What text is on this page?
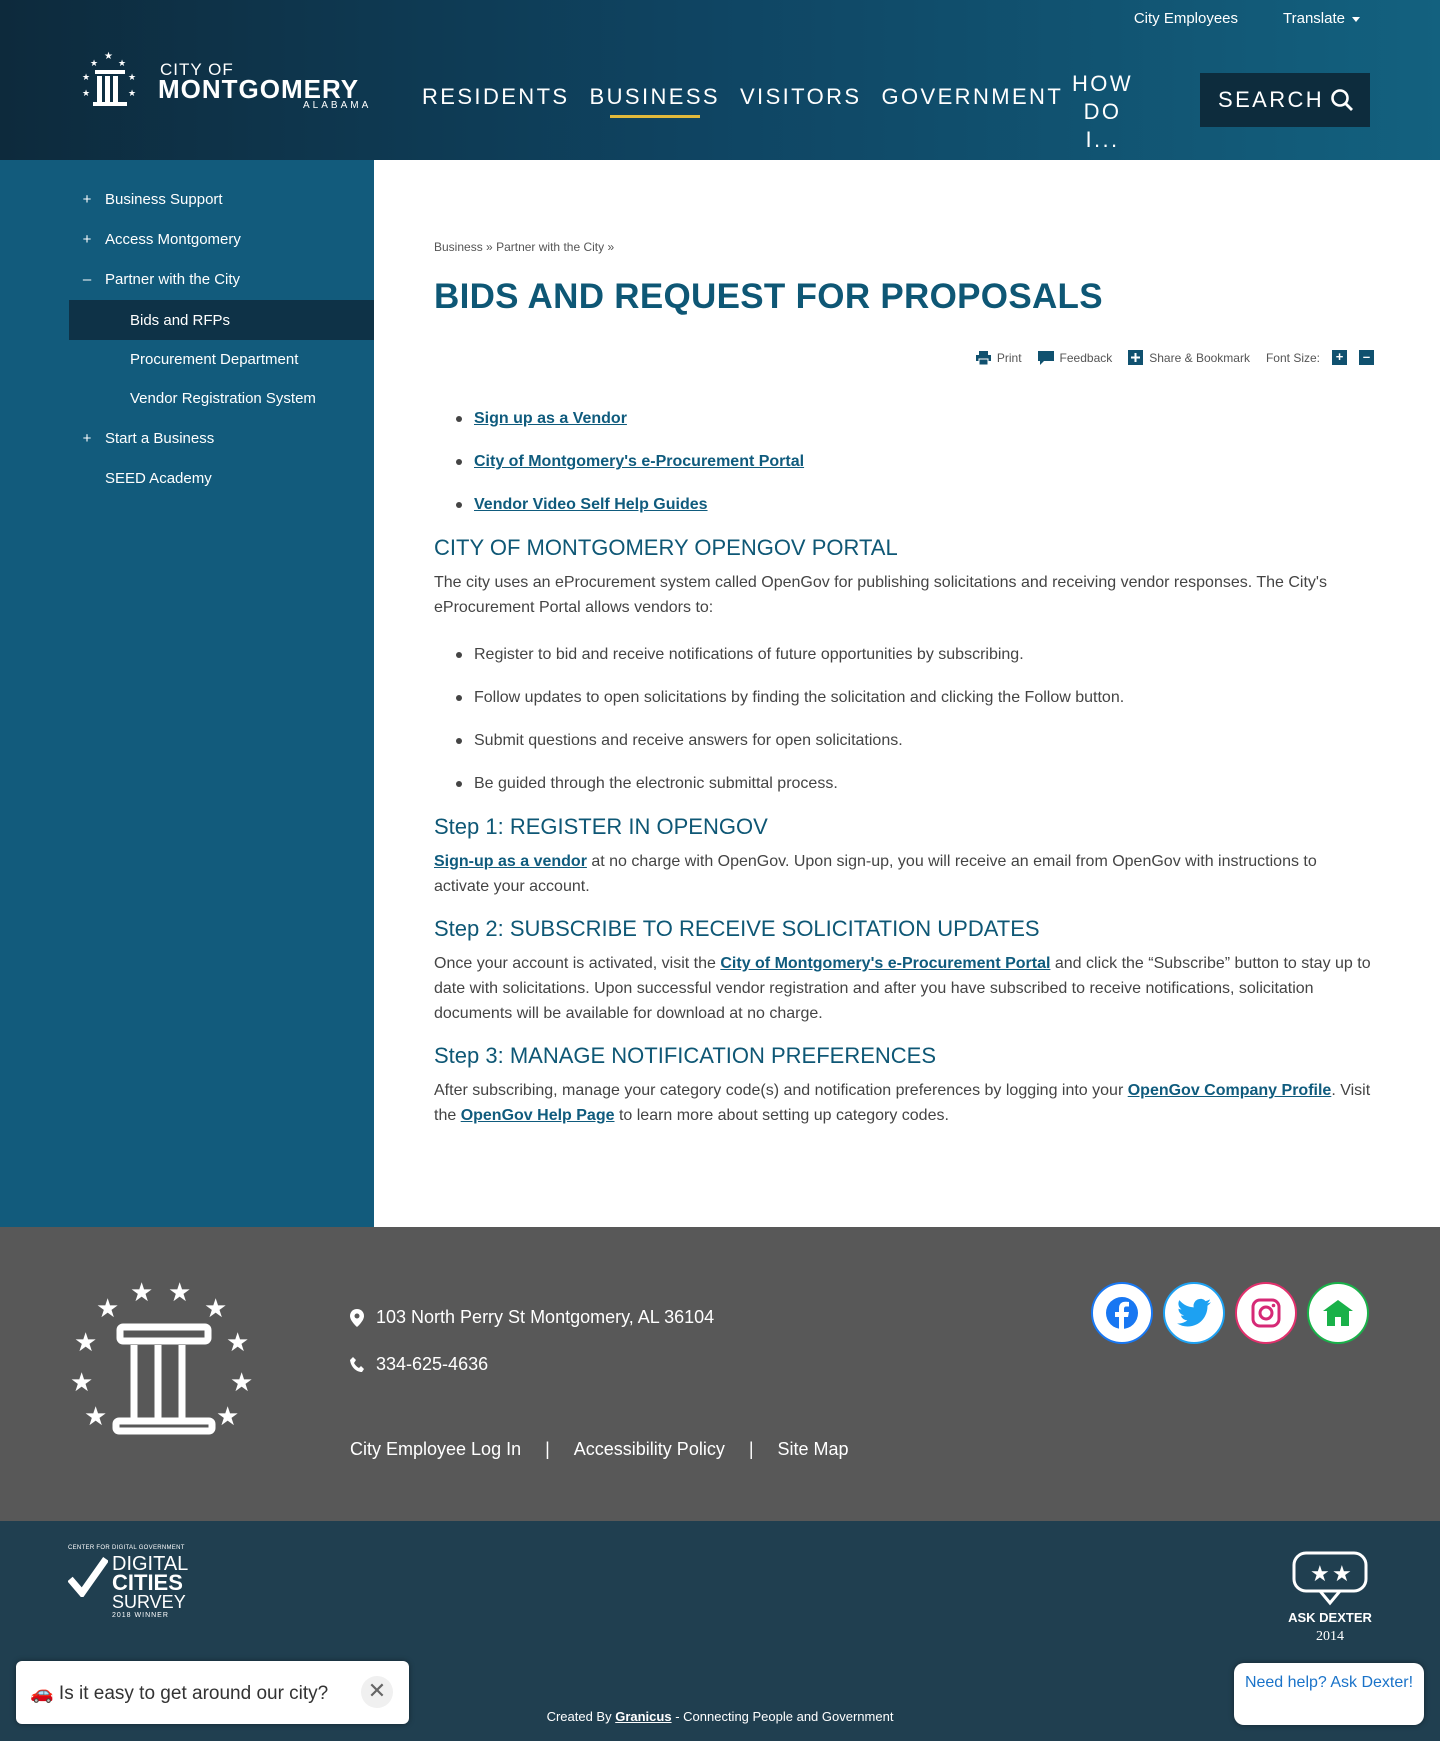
City Employees	Translate
★
★ ★
★	★
★	★
CITY OF
MONTGOMERY
ALABAMA RESIDENTS BUSINESS VISITORS GOVERNMENT
HOW DO
I...
SEARCH
+ Business Support
+ Access Montgomery
– Partner with the City
Bids and RFPs
Procurement Department
Vendor Registration System
+ Start a Business
SEED Academy
Business » Partner with the City »
BIDS AND REQUEST FOR PROPOSALS
Print	Feedback	Share & Bookmark Font Size: + –
Sign up as a Vendor
City of Montgomery's e-Procurement Portal
Vendor Video Self Help Guides
CITY OF MONTGOMERY OPENGOV PORTAL

The city uses an eProcurement system called OpenGov for publishing solicitations and receiving vendor responses. The City's eProcurement Portal allows vendors to:

Register to bid and receive notifications of future opportunities by subscribing.
Follow updates to open solicitations by finding the solicitation and clicking the Follow button.
Submit questions and receive answers for open solicitations.
Be guided through the electronic submittal process.
Step 1: REGISTER IN OPENGOV

Sign-up as a vendor at no charge with OpenGov. Upon sign-up, you will receive an email from OpenGov with instructions to activate your account.

Step 2: SUBSCRIBE TO RECEIVE SOLICITATION UPDATES

Once your account is activated, visit the City of Montgomery's e-Procurement Portal and click the “Subscribe” button to stay up to date with solicitations. Upon successful vendor registration and after you have subscribed to receive notifications, solicitation documents will be available for download at no charge.

Step 3: MANAGE NOTIFICATION PREFERENCES

After subscribing, manage your category code(s) and notification preferences by logging into your OpenGov Company Profile. Visit the OpenGov Help Page to learn more about setting up category codes.

★ ★
★	★
★	★
★	★
★	★
103 North Perry St Montgomery, AL 36104
334-625-4636
City Employee Log In | Accessibility Policy | Site Map
CENTER FOR DIGITAL GOVERNMENT
DIGITAL
CITIES
SURVEY
2018 WINNER
★ ★
ASK DEXTER
2014
Created By Granicus - Connecting People and Government
Need help? Ask Dexter!
🚗 Is it easy to get around our city?	✕
